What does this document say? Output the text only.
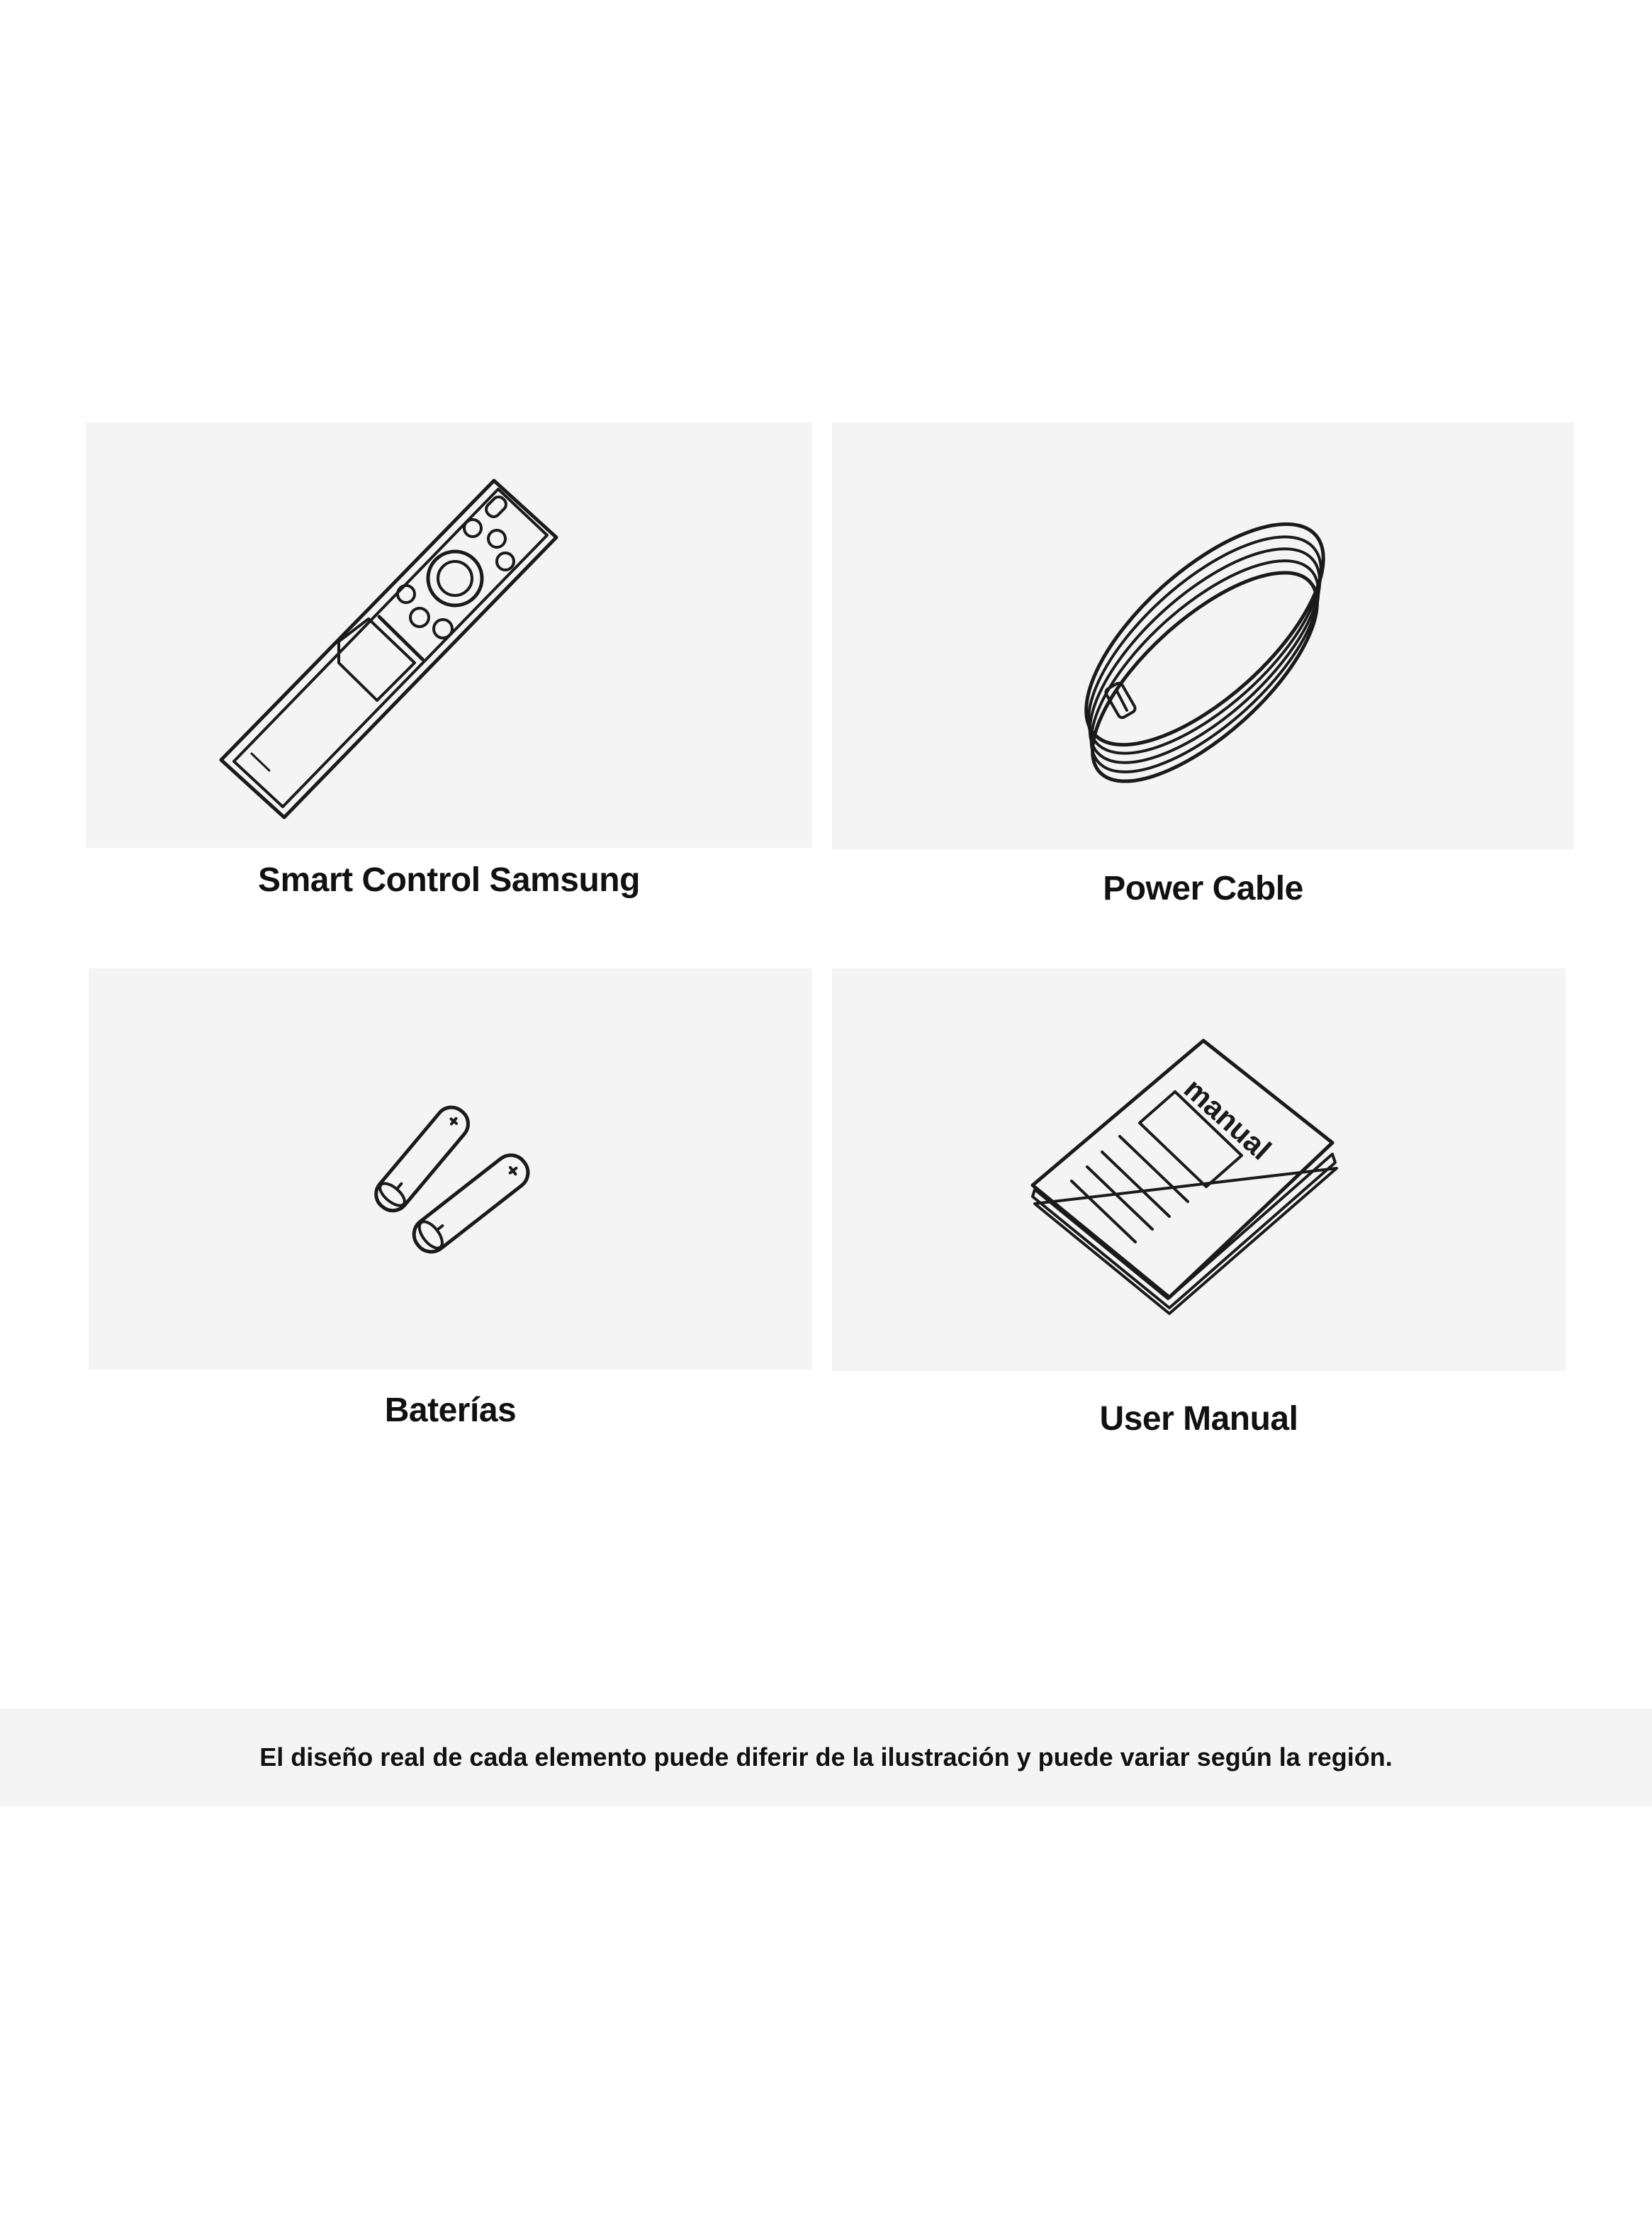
Smart Control Samsung	Power Cable

Baterías

manual

User Manual

El diseño real de cada elemento puede diferir de la ilustración y puede variar según la región.
